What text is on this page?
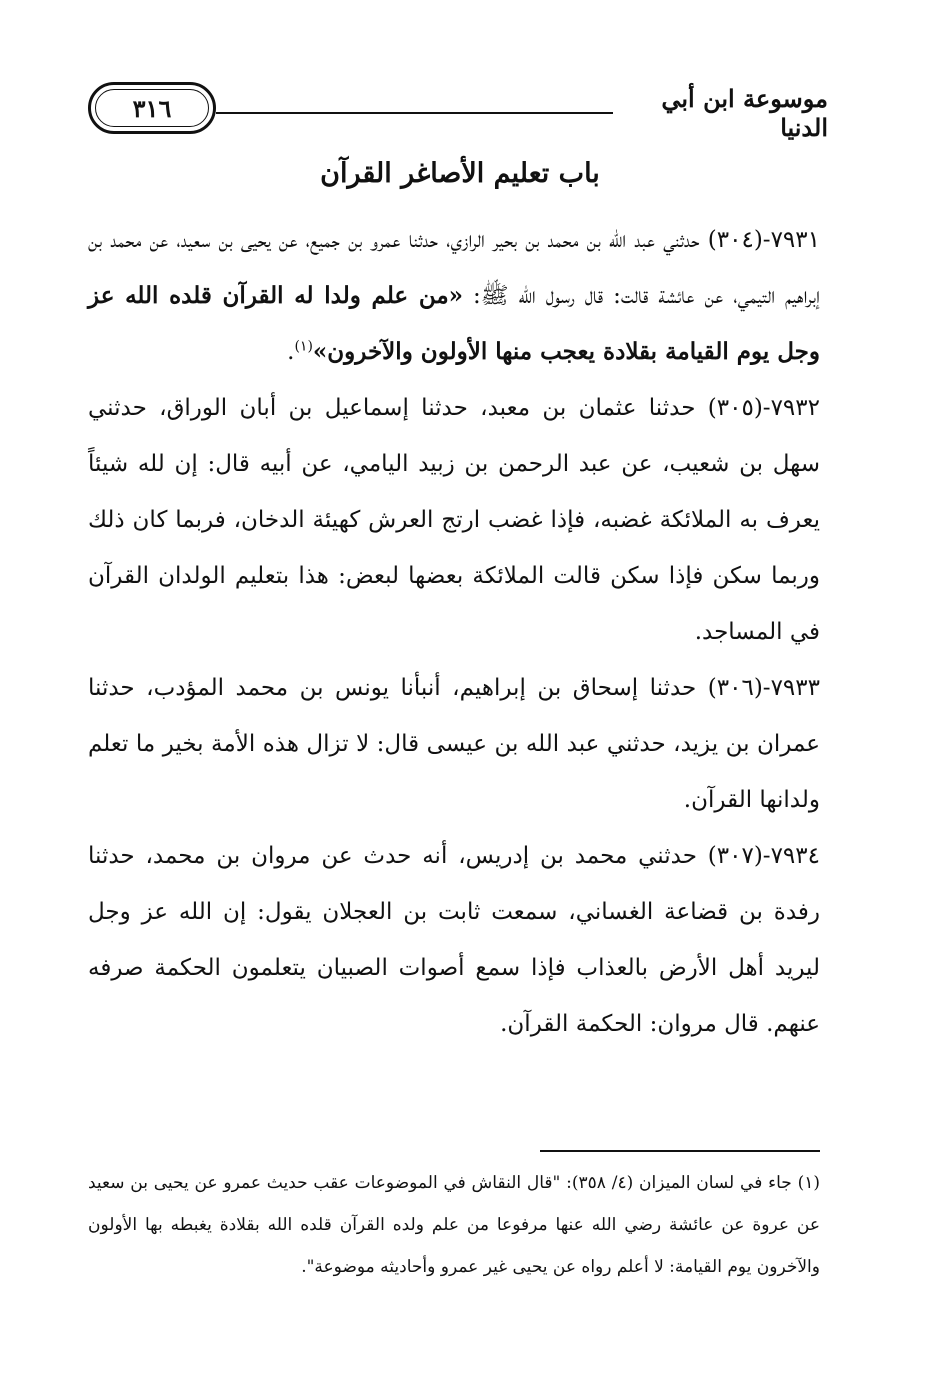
٣١٦	موسوعة ابن أبي الدنيا
باب تعليم الأصاغر القرآن

٧٩٣١-(٣٠٤) حدثني عبد الله بن محمد بن بحير الرازي، حدثنا عمرو بن جميع، عن يحيى بن سعيد، عن محمد بن إبراهيم التيمي، عن عائشة قالت: قال رسول الله ﷺ: «من علم ولدا له القرآن قلده الله عز وجل يوم القيامة بقلادة يعجب منها الأولون والآخرون»$^{(١)}$.

٧٩٣٢-(٣٠٥) حدثنا عثمان بن معبد، حدثنا إسماعيل بن أبان الوراق، حدثني سهل بن شعيب، عن عبد الرحمن بن زبيد اليامي، عن أبيه قال: إن لله شيئاً يعرف به الملائكة غضبه، فإذا غضب ارتج العرش كهيئة الدخان، فربما كان ذلك وربما سكن فإذا سكن قالت الملائكة بعضها لبعض: هذا بتعليم الولدان القرآن في المساجد.

٧٩٣٣-(٣٠٦) حدثنا إسحاق بن إبراهيم، أنبأنا يونس بن محمد المؤدب، حدثنا عمران بن يزيد، حدثني عبد الله بن عيسى قال: لا تزال هذه الأمة بخير ما تعلم ولدانها القرآن.

٧٩٣٤-(٣٠٧) حدثني محمد بن إدريس، أنه حدث عن مروان بن محمد، حدثنا رفدة بن قضاعة الغساني، سمعت ثابت بن العجلان يقول: إن الله عز وجل ليريد أهل الأرض بالعذاب فإذا سمع أصوات الصبيان يتعلمون الحكمة صرفه عنهم. قال مروان: الحكمة القرآن.

(١) جاء في لسان الميزان (٤/ ٣٥٨): "قال النقاش في الموضوعات عقب حديث عمرو عن يحيى بن سعيد عن عروة عن عائشة رضي الله عنها مرفوعا من علم ولده القرآن قلده الله بقلادة يغبطه بها الأولون والآخرون يوم القيامة: لا أعلم رواه عن يحيى غير عمرو وأحاديثه موضوعة".
